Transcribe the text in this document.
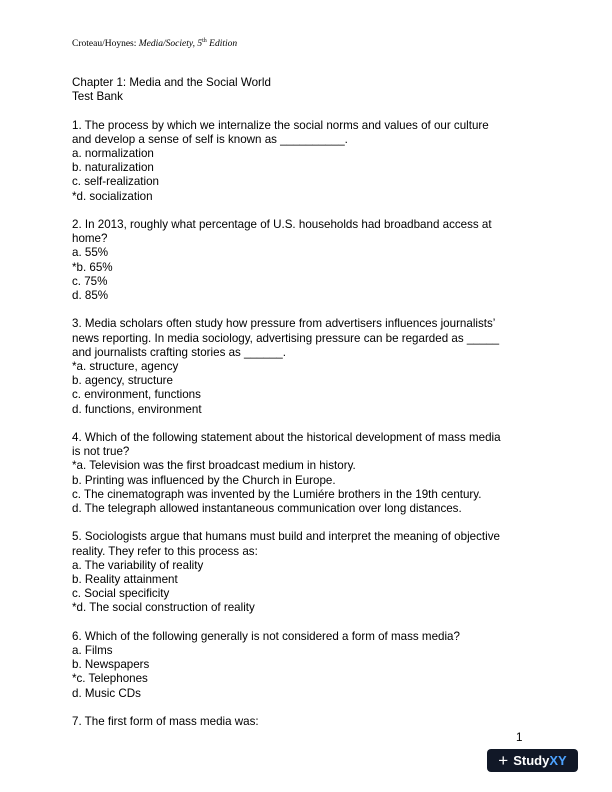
Croteau/Hoynes: Media/Society, 5th Edition

Chapter 1: Media and the Social World

Test Bank

1. The process by which we internalize the social norms and values of our culture

and develop a sense of self is known as __________.

a. normalization

b. naturalization

c. self-realization

*d. socialization

2. In 2013, roughly what percentage of U.S. households had broadband access at

home?

a. 55%

*b. 65%

c. 75%

d. 85%

3. Media scholars often study how pressure from advertisers influences journalists’

news reporting. In media sociology, advertising pressure can be regarded as _____

and journalists crafting stories as ______.

*a. structure, agency

b. agency, structure

c. environment, functions

d. functions, environment

4. Which of the following statement about the historical development of mass media

is not true?

*a. Television was the first broadcast medium in history.

b. Printing was influenced by the Church in Europe.

c. The cinematograph was invented by the Lumiére brothers in the 19th century.

d. The telegraph allowed instantaneous communication over long distances.

5. Sociologists argue that humans must build and interpret the meaning of objective

reality. They refer to this process as:

a. The variability of reality

b. Reality attainment

c. Social specificity

*d. The social construction of reality

6. Which of the following generally is not considered a form of mass media?

a. Films

b. Newspapers

*c. Telephones

d. Music CDs

7. The first form of mass media was:

1
+ StudyXY
